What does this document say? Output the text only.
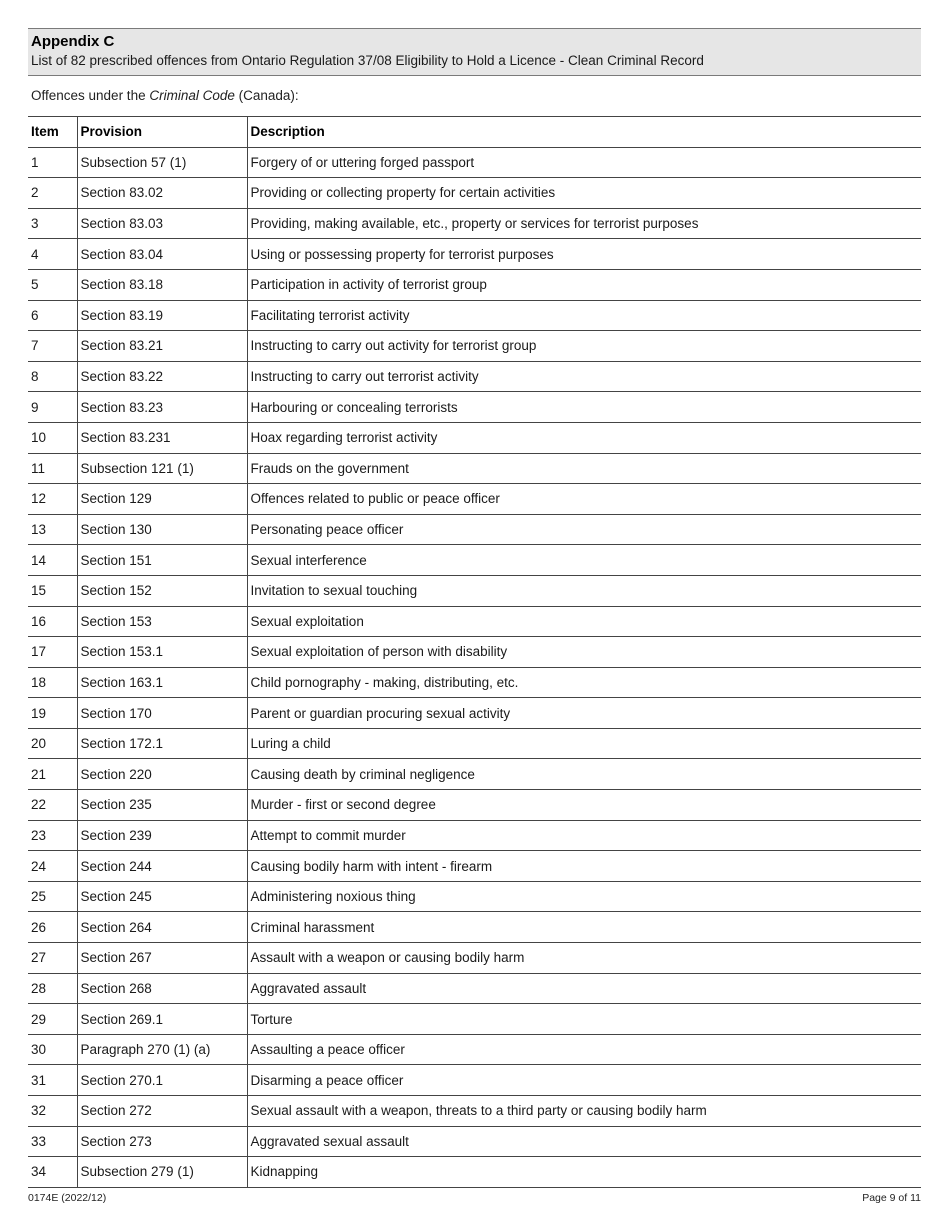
Appendix C
List of 82 prescribed offences from Ontario Regulation 37/08 Eligibility to Hold a Licence - Clean Criminal Record
Offences under the Criminal Code (Canada):
Item	Provision	Description
1	Subsection 57 (1)	Forgery of or uttering forged passport
2	Section 83.02	Providing or collecting property for certain activities
3	Section 83.03	Providing, making available, etc., property or services for terrorist purposes
4	Section 83.04	Using or possessing property for terrorist purposes
5	Section 83.18	Participation in activity of terrorist group
6	Section 83.19	Facilitating terrorist activity
7	Section 83.21	Instructing to carry out activity for terrorist group
8	Section 83.22	Instructing to carry out terrorist activity
9	Section 83.23	Harbouring or concealing terrorists
10	Section 83.231	Hoax regarding terrorist activity
11	Subsection 121 (1)	Frauds on the government
12	Section 129	Offences related to public or peace officer
13	Section 130	Personating peace officer
14	Section 151	Sexual interference
15	Section 152	Invitation to sexual touching
16	Section 153	Sexual exploitation
17	Section 153.1	Sexual exploitation of person with disability
18	Section 163.1	Child pornography - making, distributing, etc.
19	Section 170	Parent or guardian procuring sexual activity
20	Section 172.1	Luring a child
21	Section 220	Causing death by criminal negligence
22	Section 235	Murder - first or second degree
23	Section 239	Attempt to commit murder
24	Section 244	Causing bodily harm with intent - firearm
25	Section 245	Administering noxious thing
26	Section 264	Criminal harassment
27	Section 267	Assault with a weapon or causing bodily harm
28	Section 268	Aggravated assault
29	Section 269.1	Torture
30	Paragraph 270 (1) (a)	Assaulting a peace officer
31	Section 270.1	Disarming a peace officer
32	Section 272	Sexual assault with a weapon, threats to a third party or causing bodily harm
33	Section 273	Aggravated sexual assault
34	Subsection 279 (1)	Kidnapping
0174E (2022/12)	Page 9 of 11
